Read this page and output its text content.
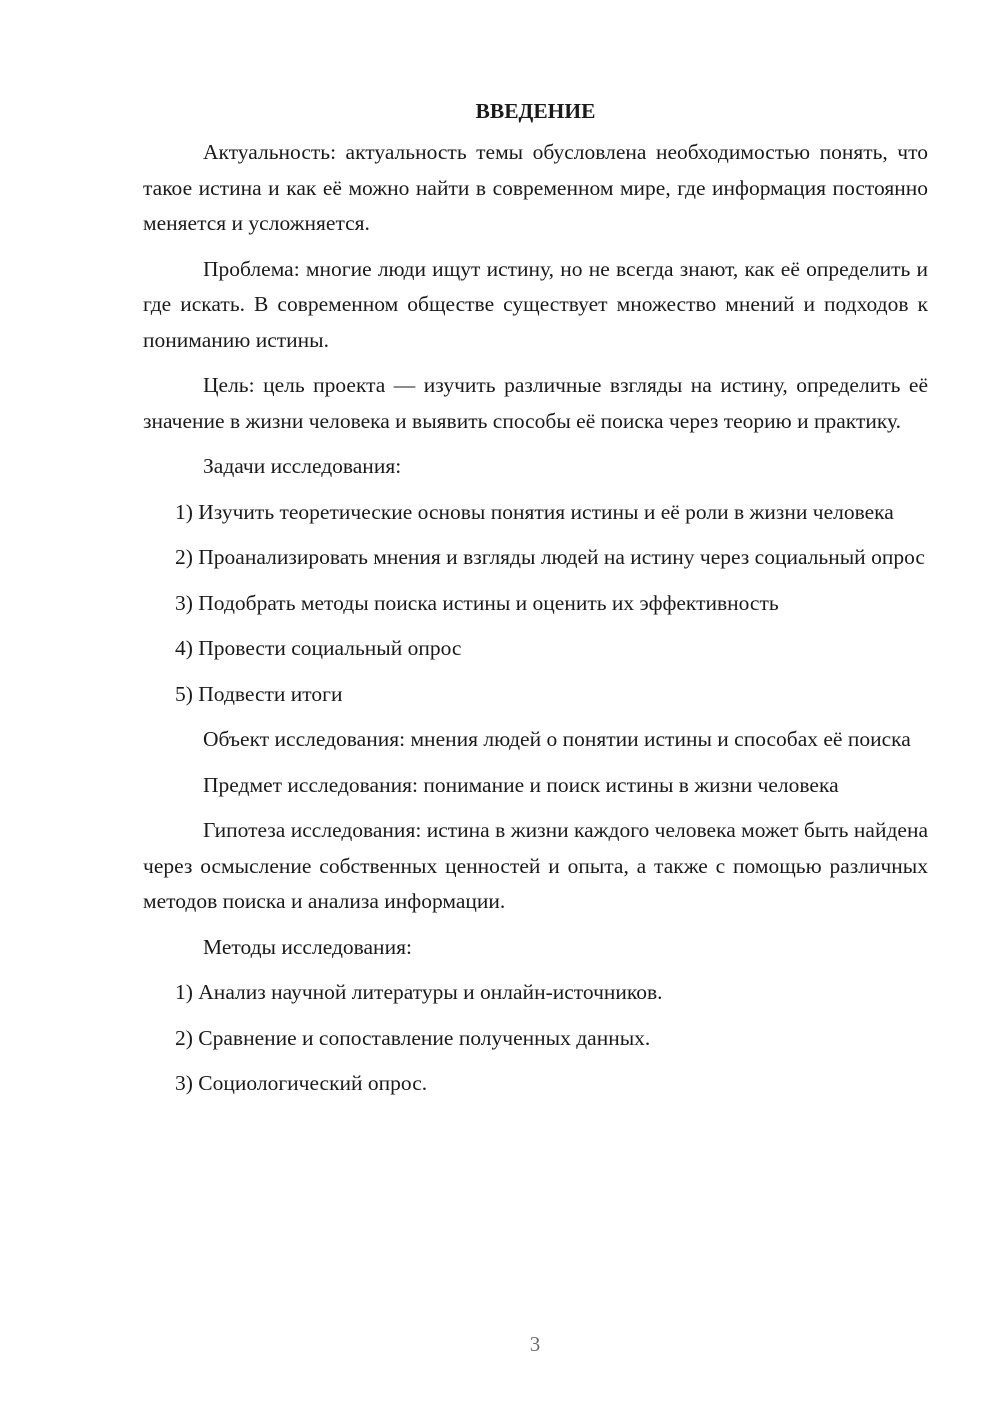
ВВЕДЕНИЕ

Актуальность: актуальность темы обусловлена необходимостью понять, что такое истина и как её можно найти в современном мире, где информация постоянно меняется и усложняется.

Проблема: многие люди ищут истину, но не всегда знают, как её определить и где искать. В современном обществе существует множество мнений и подходов к пониманию истины.

Цель: цель проекта — изучить различные взгляды на истину, определить её значение в жизни человека и выявить способы её поиска через теорию и практику.

Задачи исследования:

1) Изучить теоретические основы понятия истины и её роли в жизни человека

2) Проанализировать мнения и взгляды людей на истину через социальный опрос

3) Подобрать методы поиска истины и оценить их эффективность

4) Провести социальный опрос

5) Подвести итоги

Объект исследования: мнения людей о понятии истины и способах её поиска

Предмет исследования: понимание и поиск истины в жизни человека

Гипотеза исследования: истина в жизни каждого человека может быть найдена через осмысление собственных ценностей и опыта, а также с помощью различных методов поиска и анализа информации.

Методы исследования:

1) Анализ научной литературы и онлайн-источников.

2) Сравнение и сопоставление полученных данных.

3) Социологический опрос.

3
